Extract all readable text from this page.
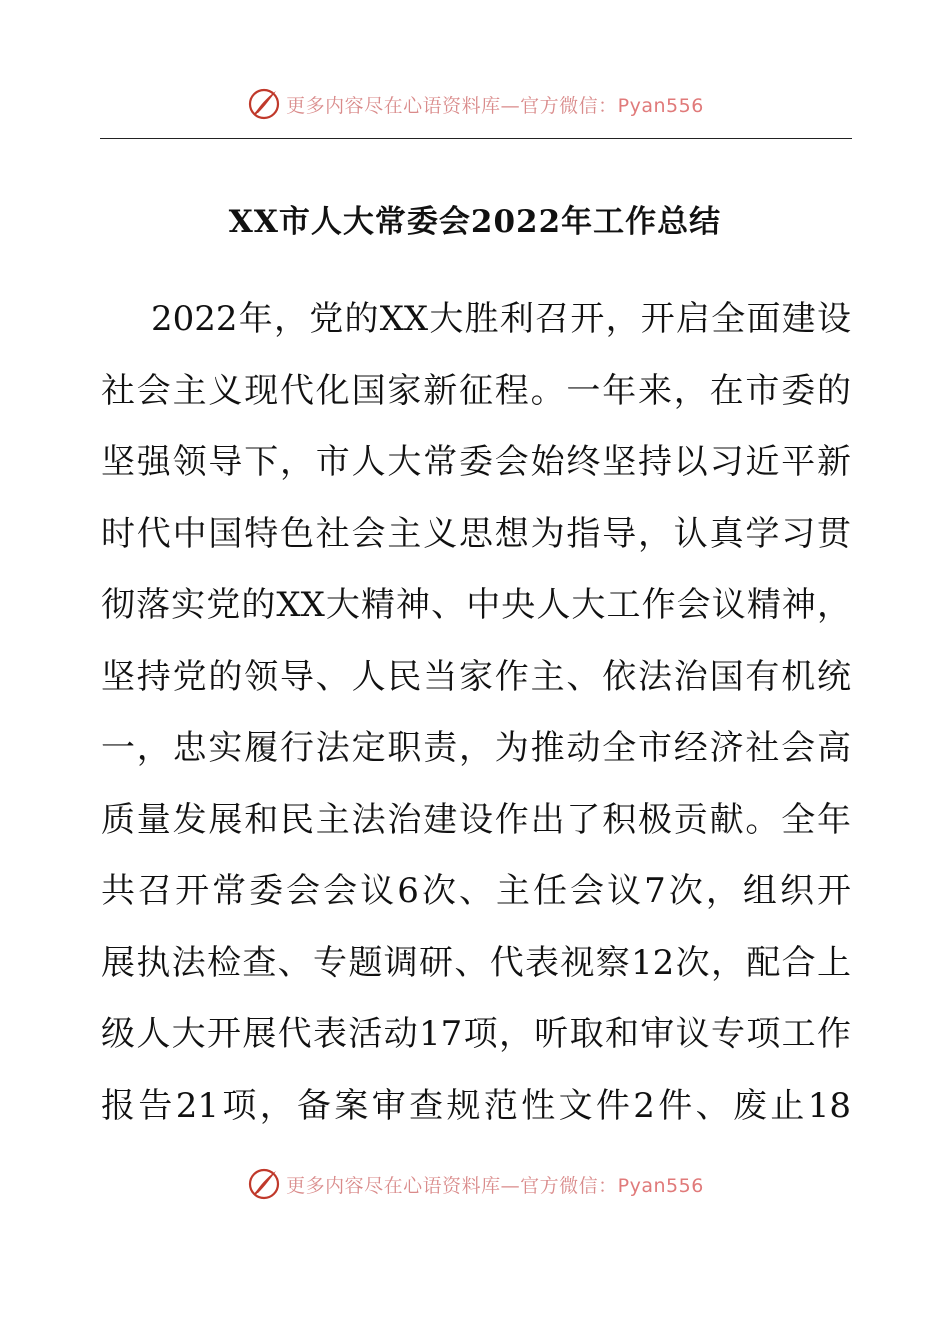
更多内容尽在心语资料库—官方微信：Pyan556
XX市人大常委会2022年工作总结
2022年，党的XX大胜利召开，开启全面建设
社会主义现代化国家新征程。一年来，在市委的
坚强领导下，市人大常委会始终坚持以习近平新
时代中国特色社会主义思想为指导，认真学习贯
彻落实党的XX大精神、中央人大工作会议精神，
坚持党的领导、人民当家作主、依法治国有机统
一，忠实履行法定职责，为推动全市经济社会高
质量发展和民主法治建设作出了积极贡献。全年
共召开常委会会议6次、主任会议7次，组织开
展执法检查、专题调研、代表视察12次，配合上
级人大开展代表活动17项，听取和审议专项工作
报告21项，备案审查规范性文件2件、废止18
更多内容尽在心语资料库—官方微信：Pyan556
